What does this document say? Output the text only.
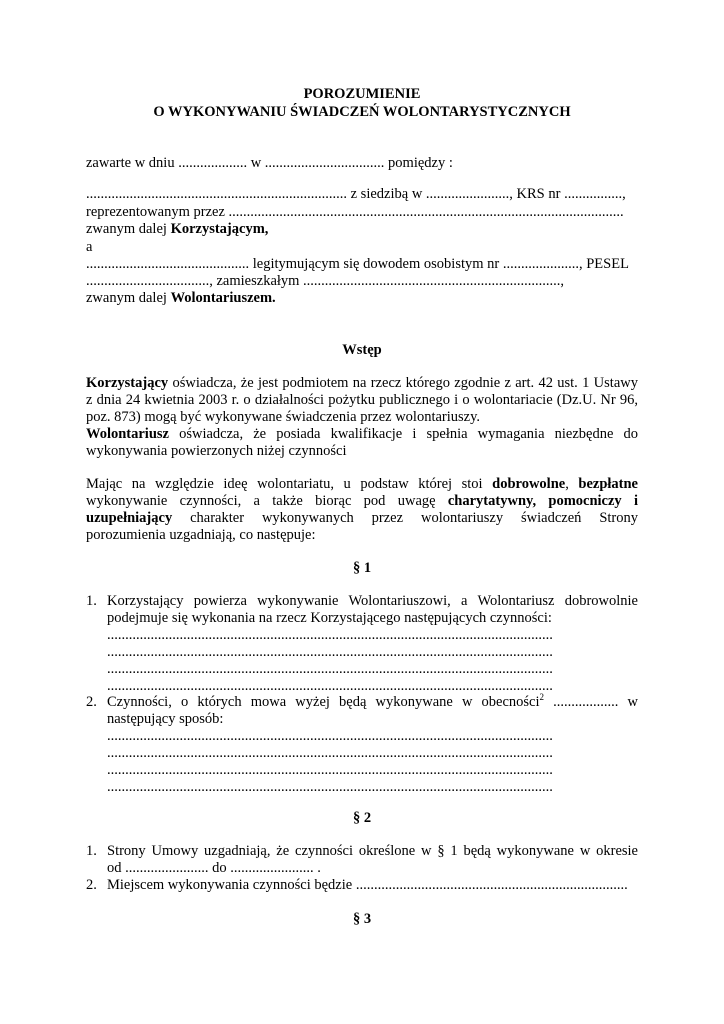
POROZUMIENIE
O WYKONYWANIU ŚWIADCZEŃ WOLONTARYSTYCZNYCH
zawarte w dniu ................... w ................................. pomiędzy :
........................................................................ z siedzibą w ......................., KRS nr ................,
reprezentowanym przez .............................................................................................................
zwanym dalej Korzystającym,
a
............................................. legitymującym się dowodem osobistym nr ....................., PESEL
.................................., zamieszkałym .......................................................................,
zwanym dalej Wolontariuszem.
Wstęp
Korzystający oświadcza, że jest podmiotem na rzecz którego zgodnie z art. 42 ust. 1 Ustawy
z dnia 24 kwietnia 2003 r. o działalności pożytku publicznego i o wolontariacie (Dz.U. Nr 96,
poz. 873) mogą być wykonywane świadczenia przez wolontariuszy.
Wolontariusz oświadcza, że posiada kwalifikacje i spełnia wymagania niezbędne do
wykonywania powierzonych niżej czynności
Mając na względzie ideę wolontariatu, u podstaw której stoi dobrowolne, bezpłatne
wykonywanie czynności, a także biorąc pod uwagę charytatywny, pomocniczy i
uzupełniający charakter wykonywanych przez wolontariuszy świadczeń Strony
porozumienia uzgadniają, co następuje:
§ 1
1. Korzystający powierza wykonywanie Wolontariuszowi, a Wolontariusz dobrowolnie
podejmuje się wykonania na rzecz Korzystającego następujących czynności:
...........................................................................................................................
...........................................................................................................................
...........................................................................................................................
...........................................................................................................................
2. Czynności, o których mowa wyżej będą wykonywane w obecności$^2$ .................. w
następujący sposób:
...........................................................................................................................
...........................................................................................................................
...........................................................................................................................
...........................................................................................................................
§ 2
1. Strony Umowy uzgadniają, że czynności określone w § 1 będą wykonywane w okresie
od ....................... do ....................... .
2. Miejscem wykonywania czynności będzie ...........................................................................
§ 3
